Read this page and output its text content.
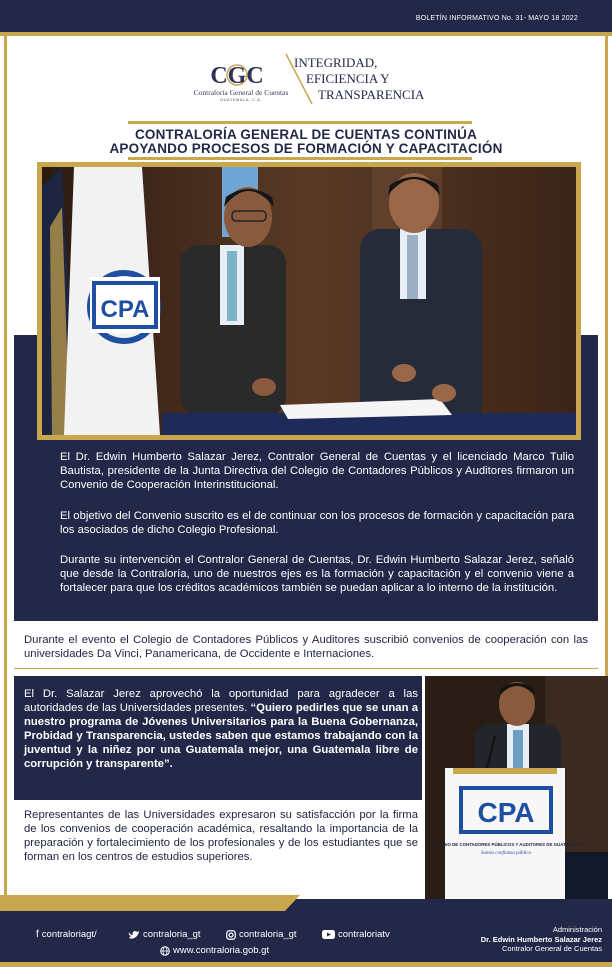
BOLETÍN INFORMATIVO No. 31- MAYO 18 2022
CGC
Contraloría General de Cuentas
GUATEMALA, C.A.
INTEGRIDAD,
EFICIENCIA Y
TRANSPARENCIA
CONTRALORÍA GENERAL DE CUENTAS CONTINÚA
APOYANDO PROCESOS DE FORMACIÓN Y CAPACITACIÓN
CPA
El Dr. Edwin Humberto Salazar Jerez, Contralor General de Cuentas y el licenciado Marco Tulio Bautista, presidente de la Junta Directiva del Colegio de Contadores Públicos y Auditores firmaron un Convenio de Cooperación Interinstitucional.
El objetivo del Convenio suscrito es el de continuar con los procesos de formación y capacitación para los asociados de dicho Colegio Profesional.
Durante su intervención el Contralor General de Cuentas, Dr. Edwin Humberto Salazar Jerez, señaló que desde la Contraloría, uno de nuestros ejes es la formación y capacitación y el convenio viene a fortalecer para que los créditos académicos también se puedan aplicar a lo interno de la institución.
Durante el evento el Colegio de Contadores Públicos y Auditores suscribió convenios de cooperación con las universidades Da Vinci, Panamericana, de Occidente e Internaciones.
El Dr. Salazar Jerez aprovechó la oportunidad para agradecer a las autoridades de las Universidades presentes. “Quiero pedirles que se unan a nuestro programa de Jóvenes Universitarios para la Buena Gobernanza, Probidad y Transparencia, ustedes saben que estamos trabajando con la juventud y la niñez por una Guatemala mejor, una Guatemala libre de corrupción y transparente”.
CPA
COLEGIO DE CONTADORES PÚBLICOS Y AUDITORES DE GUATEMALA
Somos confianza pública
Representantes de las Universidades expresaron su satisfacción por la firma de los convenios de cooperación académica, resaltando la importancia de la preparación y fortalecimiento de los profesionales y de los estudiantes que se forman en los centros de estudios superiores.
f contraloriagt/	contraloria_gt	contraloria_gt	contraloriatv
www.contraloria.gob.gt
Administración
Dr. Edwin Humberto Salazar Jerez
Contralor General de Cuentas
